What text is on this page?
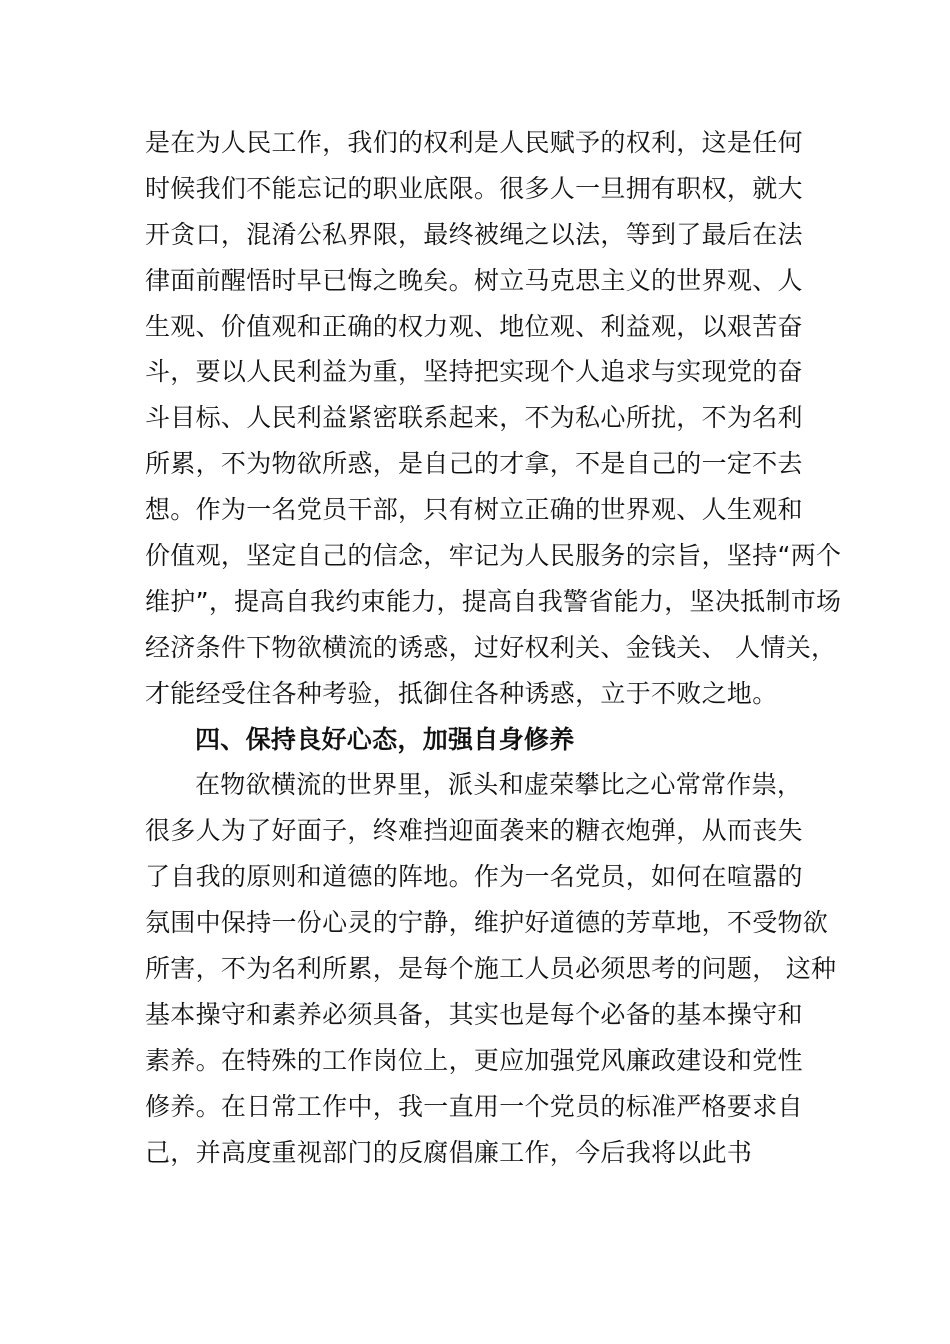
是在为人民工作，我们的权利是人民赋予的权利，这是任何
时候我们不能忘记的职业底限。很多人一旦拥有职权，就大
开贪口，混淆公私界限，最终被绳之以法，等到了最后在法
律面前醒悟时早已悔之晚矣。树立马克思主义的世界观、人
生观、价值观和正确的权力观、地位观、利益观，以艰苦奋
斗，要以人民利益为重，坚持把实现个人追求与实现党的奋
斗目标、人民利益紧密联系起来，不为私心所扰，不为名利
所累，不为物欲所惑，是自己的才拿，不是自己的一定不去
想。作为一名党员干部，只有树立正确的世界观、人生观和
价值观，坚定自己的信念，牢记为人民服务的宗旨，坚持“两个
维护”，提高自我约束能力，提高自我警省能力，坚决抵制市场
经济条件下物欲横流的诱惑，过好权利关、金钱关、 人情关，
才能经受住各种考验，抵御住各种诱惑，立于不败之地。
四、保持良好心态，加强自身修养
在物欲横流的世界里，派头和虚荣攀比之心常常作祟，
很多人为了好面子，终难挡迎面袭来的糖衣炮弹，从而丧失
了自我的原则和道德的阵地。作为一名党员，如何在喧嚣的
氛围中保持一份心灵的宁静，维护好道德的芳草地，不受物欲
所害，不为名利所累，是每个施工人员必须思考的问题， 这种
基本操守和素养必须具备，其实也是每个必备的基本操守和
素养。在特殊的工作岗位上，更应加强党风廉政建设和党性
修养。在日常工作中，我一直用一个党员的标准严格要求自
己，并高度重视部门的反腐倡廉工作，今后我将以此书
